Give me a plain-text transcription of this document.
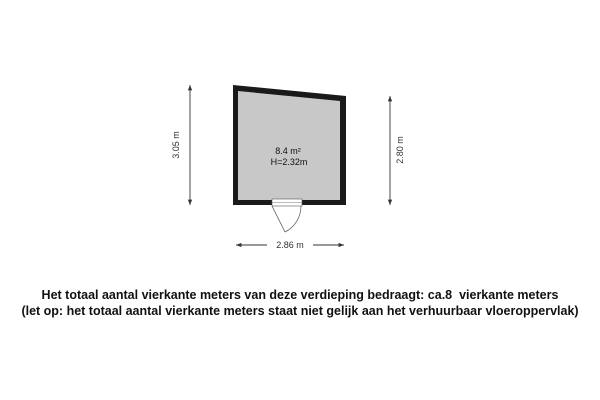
3.05 m	2.80 m
2.86 m
8.4 m²
H=2.32m
Het totaal aantal vierkante meters van deze verdieping bedraagt: ca.8  vierkante meters
(let op: het totaal aantal vierkante meters staat niet gelijk aan het verhuurbaar vloeroppervlak)
